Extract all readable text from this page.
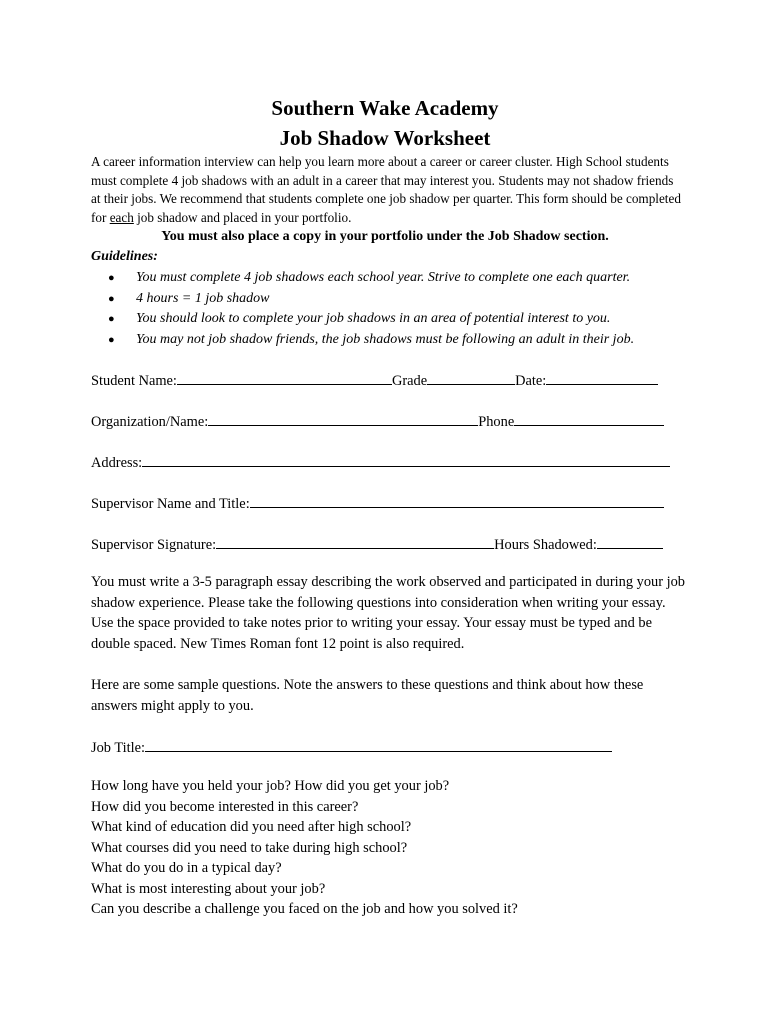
Southern Wake Academy
Job Shadow Worksheet
A career information interview can help you learn more about a career or career cluster. High School students must complete 4 job shadows with an adult in a career that may interest you. Students may not shadow friends at their jobs. We recommend that students complete one job shadow per quarter. This form should be completed for each job shadow and placed in your portfolio.
You must also place a copy in your portfolio under the Job Shadow section.
Guidelines:
●	You must complete 4 job shadows each school year. Strive to complete one each quarter.
●	4 hours = 1 job shadow
●	You should look to complete your job shadows in an area of potential interest to you.
●	You may not job shadow friends, the job shadows must be following an adult in their job.
Student Name:	Grade	Date:
Organization/Name:	Phone
Address:
Supervisor Name and Title:
Supervisor Signature:	Hours Shadowed:
You must write a 3-5 paragraph essay describing the work observed and participated in during your job shadow experience. Please take the following questions into consideration when writing your essay. Use the space provided to take notes prior to writing your essay. Your essay must be typed and be double spaced. New Times Roman font 12 point is also required.
Here are some sample questions. Note the answers to these questions and think about how these answers might apply to you.
Job Title:
How long have you held your job? How did you get your job?
How did you become interested in this career?
What kind of education did you need after high school?
What courses did you need to take during high school?
What do you do in a typical day?
What is most interesting about your job?
Can you describe a challenge you faced on the job and how you solved it?
